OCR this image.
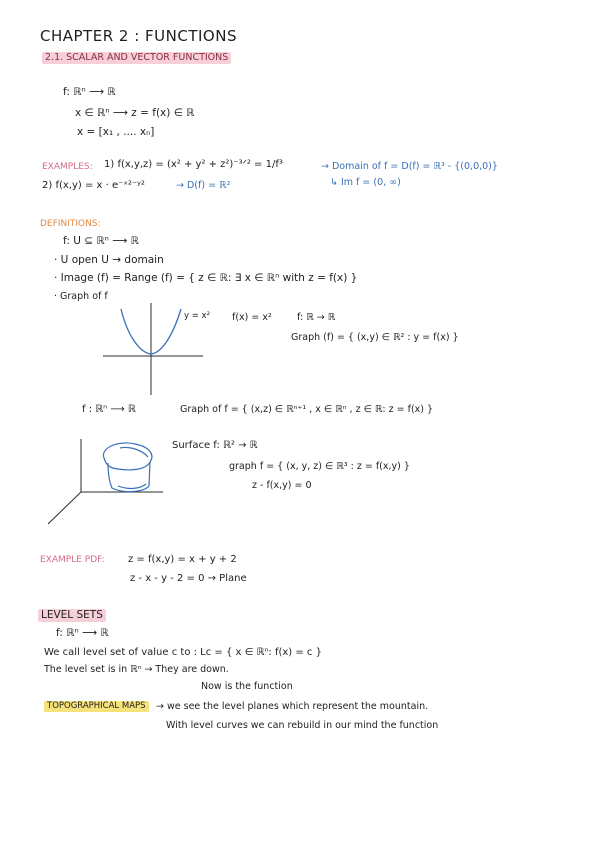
CHAPTER 2 : FUNCTIONS
2.1. SCALAR AND VECTOR FUNCTIONS
f: ℝⁿ ⟶ ℝ
x ∈ ℝⁿ ⟶ z = f(x) ∈ ℝ
x = [x₁ , .... xₙ]
EXAMPLES: 1) f(x,y,z) = (x² + y² + z²)⁻³ᐟ² = 1/f³	→ Domain of f = D(f) = ℝ³ - {(0,0,0)}
↳ Im f = (0, ∞)
2) f(x,y) = x · e⁻ˣ²⁻ʸ²	→ D(f) = ℝ²
DEFINITIONS:
f: U ⊆ ℝⁿ ⟶ ℝ
· U open U → domain
· Image (f) = Range (f) = { z ∈ ℝ: ∃ x ∈ ℝⁿ with z = f(x) }
· Graph of f
y = x² f(x) = x²	f: ℝ → ℝ
Graph (f) = { (x,y) ∈ ℝ² : y = f(x) }
f : ℝⁿ ⟶ ℝ	Graph of f = { (x,z) ∈ ℝⁿ⁺¹ , x ∈ ℝⁿ , z ∈ ℝ: z = f(x) }
Surface f: ℝ² → ℝ
graph f = { (x, y, z) ∈ ℝ³ : z = f(x,y) }
z - f(x,y) = 0
EXAMPLE PDF: z = f(x,y) = x + y + 2
z - x - y - 2 = 0 → Plane
LEVEL SETS
f: ℝⁿ ⟶ ℝ
We call level set of value c to : Lc = { x ∈ ℝⁿ: f(x) = c }
The level set is in ℝⁿ → They are down.
Now is the function
TOPOGRAPHICAL MAPS	→ we see the level planes which represent the mountain.
With level curves we can rebuild in our mind the function
